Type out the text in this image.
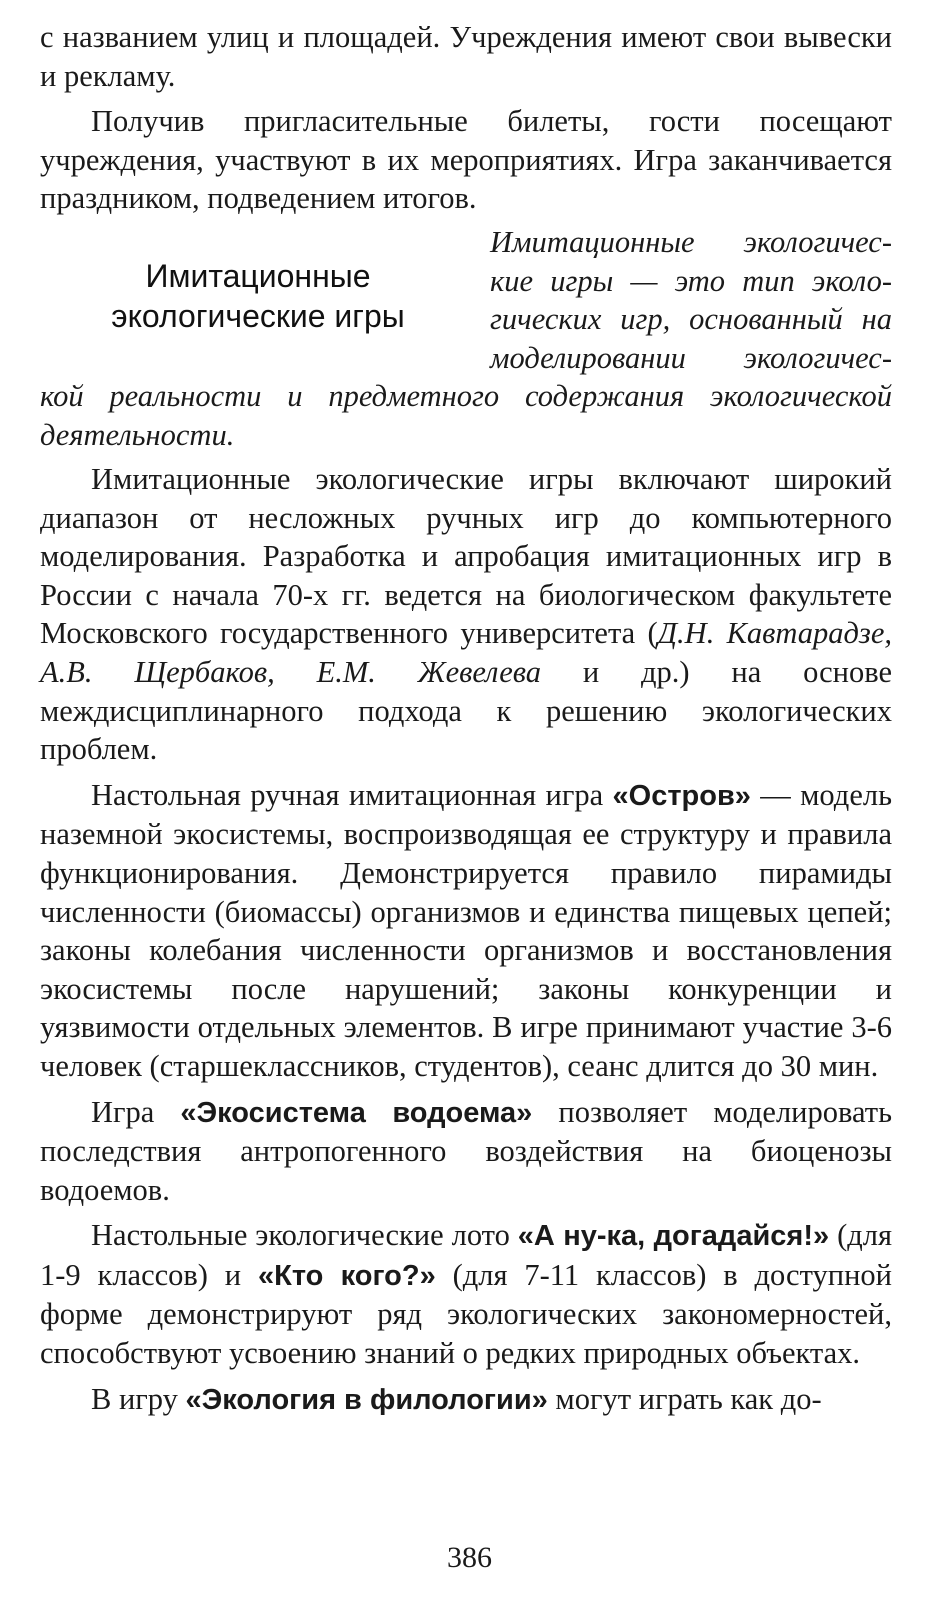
с названием улиц и площадей. Учреждения имеют свои вывески и рекламу.

Получив пригласительные билеты, гости посещают учреждения, участвуют в их мероприятиях. Игра заканчивается праздником, подведением итогов.

Имитационные
экологические игры
Имитационные экологичес-
кие игры — это тип эколо-
гических игр, основанный на
моделировании экологичес-
кой реальности и предметного содержания экологической
деятельности.

Имитационные экологические игры включают широкий диапазон от несложных ручных игр до компьютерного моделирования. Разработка и апробация имитационных игр в России с начала 70-х гг. ведется на биологическом факультете Московского государственного университета (Д.Н. Кавтарадзе, А.В. Щербаков, Е.М. Жевелева и др.) на основе междисциплинарного подхода к решению экологических проблем.

Настольная ручная имитационная игра «Остров» — модель наземной экосистемы, воспроизводящая ее структуру и правила функционирования. Демонстрируется правило пирамиды численности (биомассы) организмов и единства пищевых цепей; законы колебания численности организмов и восстановления экосистемы после нарушений; законы конкуренции и уязвимости отдельных элементов. В игре принимают участие 3-6 человек (старшеклассников, студентов), сеанс длится до 30 мин.

Игра «Экосистема водоема» позволяет моделировать последствия антропогенного воздействия на биоценозы водоемов.

Настольные экологические лото «А ну-ка, догадайся!» (для 1-9 классов) и «Кто кого?» (для 7-11 классов) в доступной форме демонстрируют ряд экологических закономерностей, способствуют усвоению знаний о редких природных объектах.

В игру «Экология в филологии» могут играть как до-

386
